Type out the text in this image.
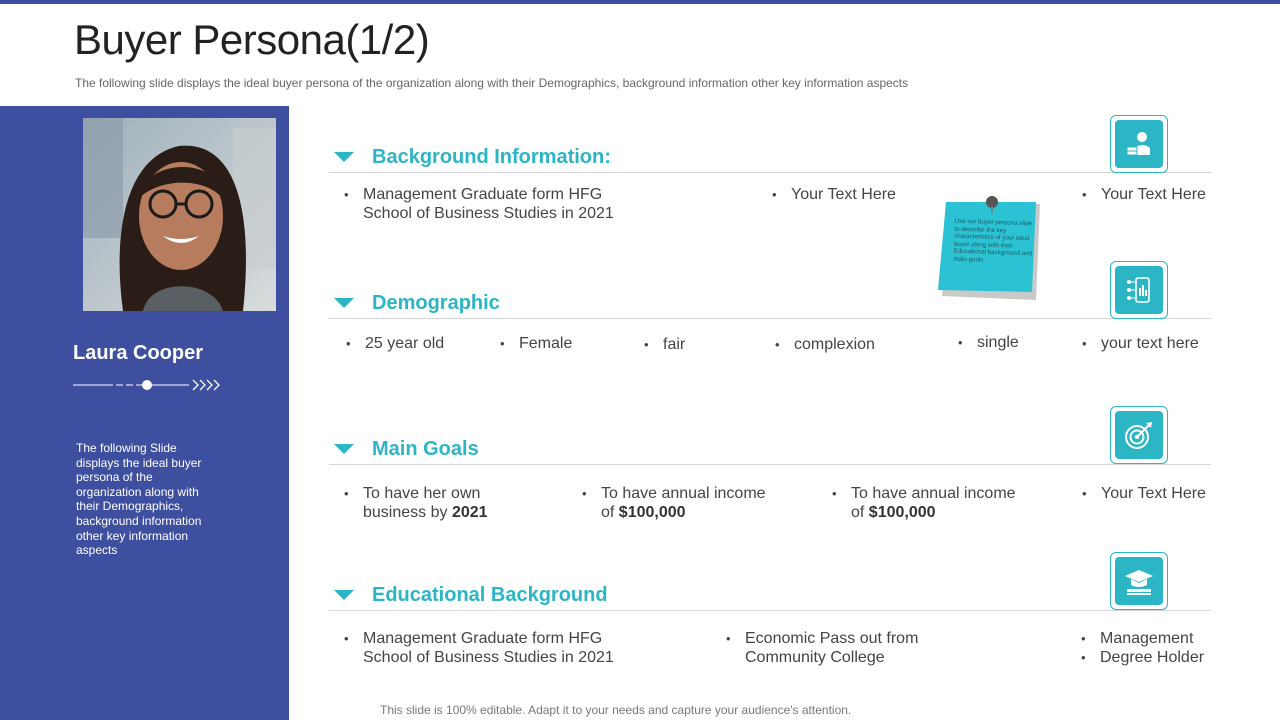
Buyer Persona(1/2)

The following slide displays the ideal buyer persona of the organization along with their Demographics, background information other key information aspects

Laura Cooper

The following Slide displays the ideal buyer persona of the organization along with their Demographics, background information other key information aspects

Background Information:
• Management Graduate form HFG School of Business Studies in 2021
• Your Text Here	• Your Text Here
Use our buyer persona slide to describe the key characteristics of your ideal buyer along with their Educational background and main goals
Demographic
• 25 year old	• Female	• fair	• complexion	• single	• your text here
Main Goals
• To have her own business by 2021
• To have annual income of $100,000
• To have annual income of $100,000
• Your Text Here
Educational Background
• Management Graduate form HFG School of Business Studies in 2021
• Economic Pass out from Community College
• Management
• Degree Holder
This slide is 100% editable. Adapt it to your needs and capture your audience's attention.
